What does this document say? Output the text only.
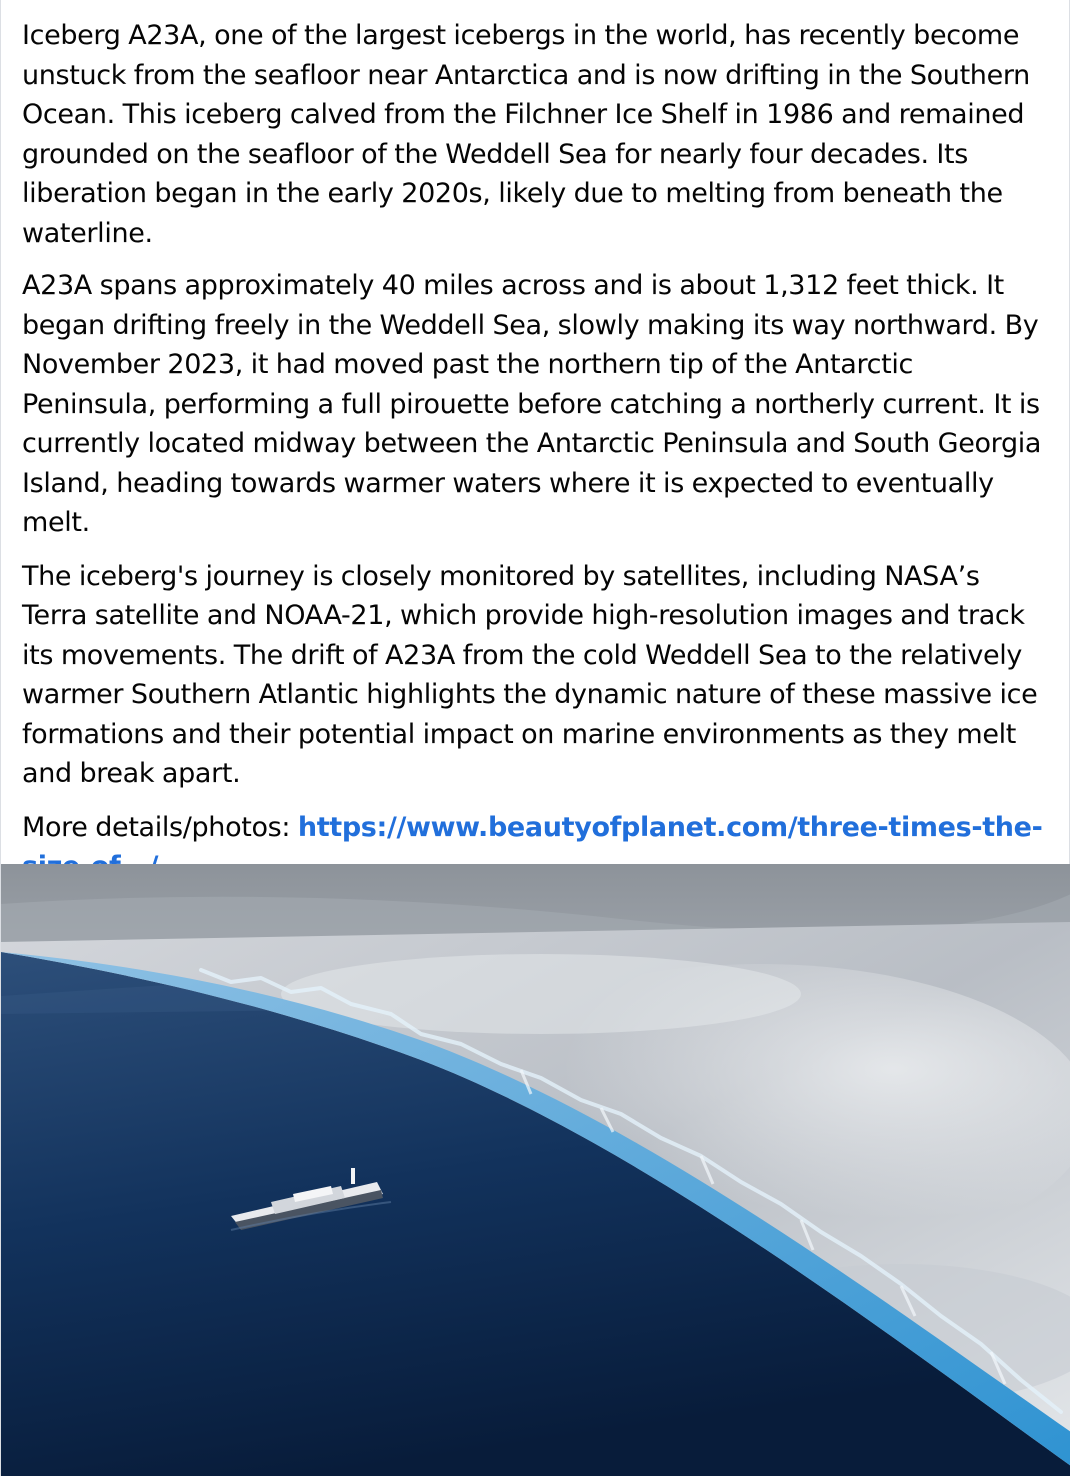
Iceberg A23A, one of the largest icebergs in the world, has recently become unstuck from the seafloor near Antarctica and is now drifting in the Southern Ocean. This iceberg calved from the Filchner Ice Shelf in 1986 and remained grounded on the seafloor of the Weddell Sea for nearly four decades. Its liberation began in the early 2020s, likely due to melting from beneath the waterline.

A23A spans approximately 40 miles across and is about 1,312 feet thick. It began drifting freely in the Weddell Sea, slowly making its way northward. By November 2023, it had moved past the northern tip of the Antarctic Peninsula, performing a full pirouette before catching a northerly current. It is currently located midway between the Antarctic Peninsula and South Georgia Island, heading towards warmer waters where it is expected to eventually melt.

The iceberg's journey is closely monitored by satellites, including NASA’s Terra satellite and NOAA-21, which provide high-resolution images and track its movements. The drift of A23A from the cold Weddell Sea to the relatively warmer Southern Atlantic highlights the dynamic nature of these massive ice formations and their potential impact on marine environments as they melt and break apart.

More details/photos: https://www.beautyofplanet.com/three-times-the-
